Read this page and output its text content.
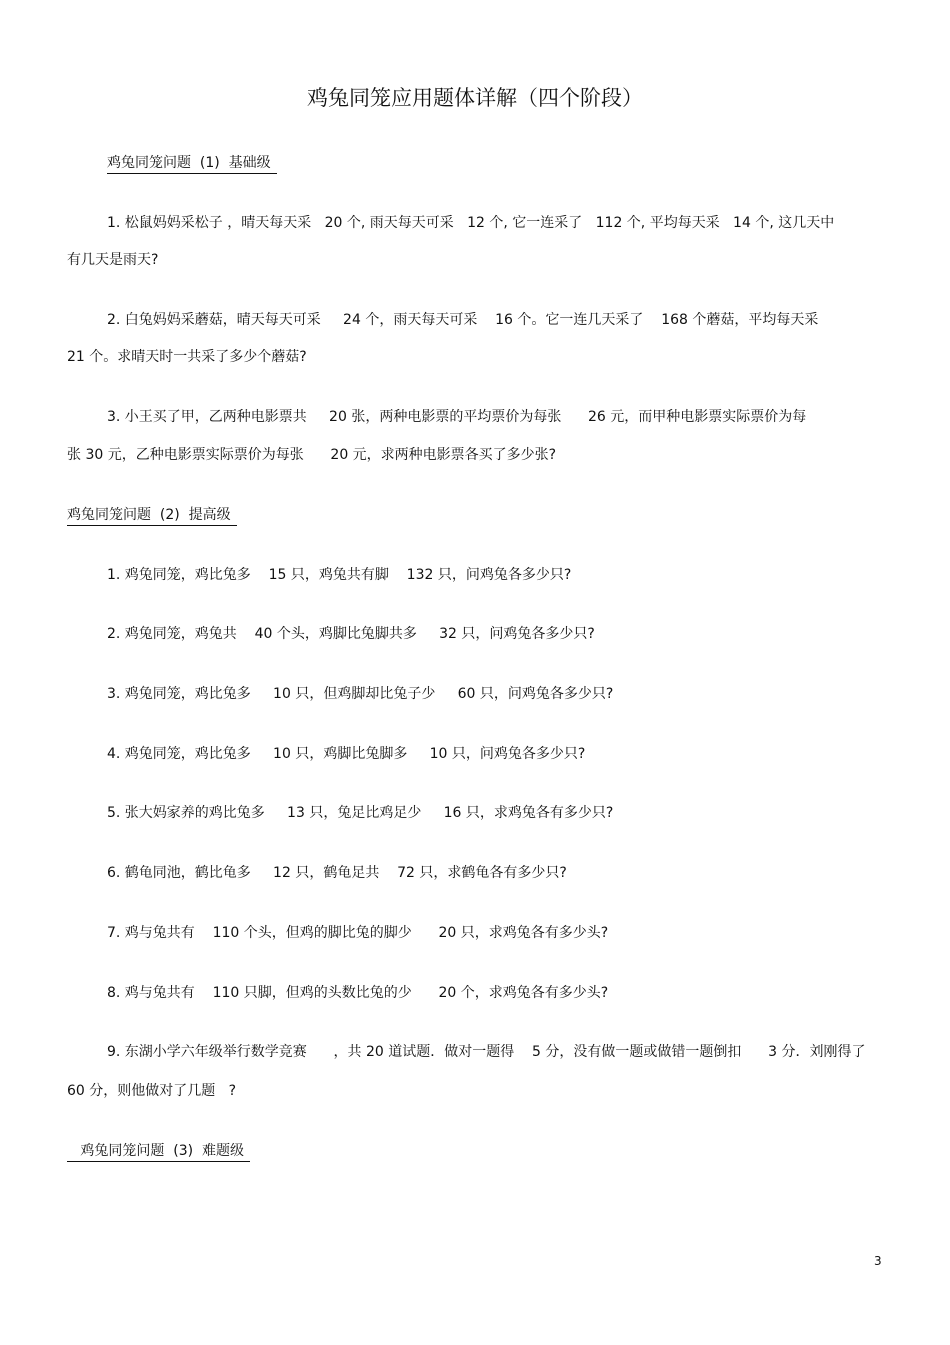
鸡兔同笼应用题体详解（四个阶段）
鸡兔同笼问题  (1)  基础级
1. 松鼠妈妈采松子 ，晴天每天采   20 个, 雨天每天可采   12 个, 它一连采了   112 个, 平均每天采   14 个, 这几天中
有几天是雨天?
2. 白兔妈妈采蘑菇，晴天每天可采     24 个，雨天每天可采    16 个。它一连几天采了    168 个蘑菇，平均每天采
21 个。求晴天时一共采了多少个蘑菇?
3. 小王买了甲，乙两种电影票共     20 张，两种电影票的平均票价为每张      26 元，而甲种电影票实际票价为每
张 30 元，乙种电影票实际票价为每张      20 元，求两种电影票各买了多少张?
鸡兔同笼问题  (2)  提高级
1. 鸡兔同笼，鸡比兔多    15 只，鸡兔共有脚    132 只，问鸡兔各多少只?
2. 鸡兔同笼，鸡兔共    40 个头，鸡脚比兔脚共多     32 只，问鸡兔各多少只?
3. 鸡兔同笼，鸡比兔多     10 只，但鸡脚却比兔子少     60 只，问鸡兔各多少只?
4. 鸡兔同笼，鸡比兔多     10 只，鸡脚比兔脚多     10 只，问鸡兔各多少只?
5. 张大妈家养的鸡比兔多     13 只，兔足比鸡足少     16 只，求鸡兔各有多少只?
6. 鹤龟同池，鹤比龟多     12 只，鹤龟足共    72 只，求鹤龟各有多少只?
7. 鸡与兔共有    110 个头，但鸡的脚比兔的脚少      20 只，求鸡兔各有多少头?
8. 鸡与兔共有    110 只脚，但鸡的头数比兔的少      20 个，求鸡兔各有多少头?
9. 东湖小学六年级举行数学竞赛      ，共 20 道试题．做对一题得    5 分，没有做一题或做错一题倒扣      3 分．刘刚得了
60 分，则他做对了几题   ?
鸡兔同笼问题  (3)  难题级
3
